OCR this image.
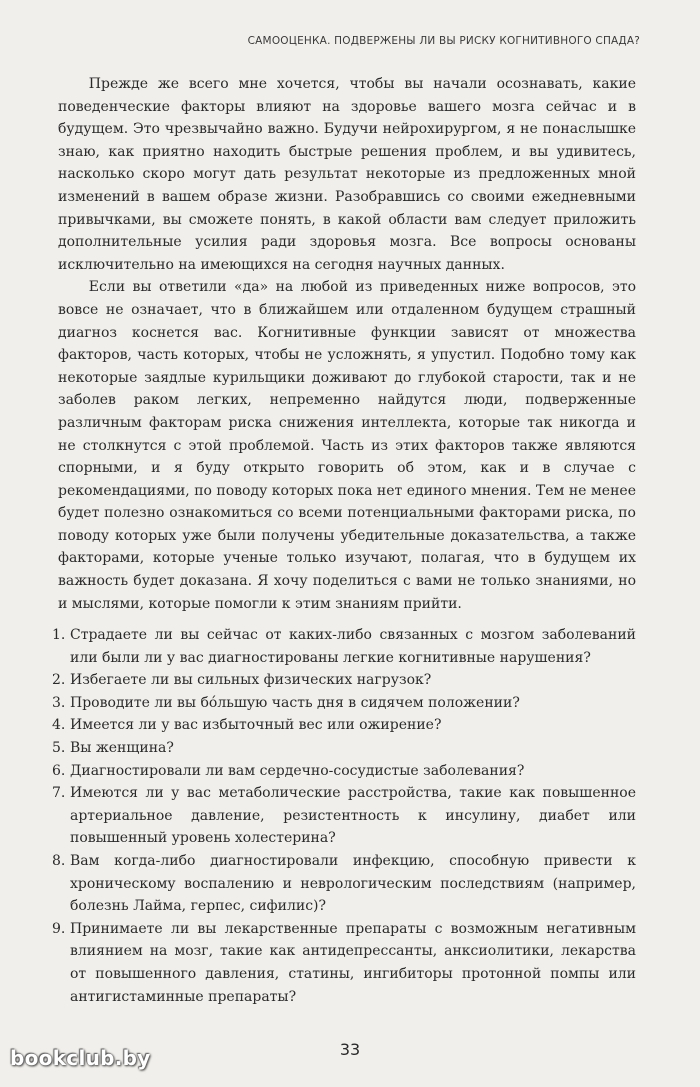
САМООЦЕНКА. ПОДВЕРЖЕНЫ ЛИ ВЫ РИСКУ КОГНИТИВНОГО СПАДА?

Прежде же всего мне хочется, чтобы вы начали осознавать, какие поведенческие факторы влияют на здоровье вашего мозга сейчас и в будущем. Это чрезвычайно важно. Будучи нейрохирургом, я не понаслышке знаю, как приятно находить быстрые решения проблем, и вы удивитесь, насколько скоро могут дать результат некоторые из предложенных мной изменений в вашем образе жизни. Разобравшись со своими ежедневными привычками, вы сможете понять, в какой области вам следует приложить дополнительные усилия ради здоровья мозга. Все вопросы основаны исключительно на имеющихся на сегодня научных данных.

Если вы ответили «да» на любой из приведенных ниже вопросов, это вовсе не означает, что в ближайшем или отдаленном будущем страшный диагноз коснется вас. Когнитивные функции зависят от множества факторов, часть которых, чтобы не усложнять, я упустил. Подобно тому как некоторые заядлые курильщики доживают до глубокой старости, так и не заболев раком легких, непременно найдутся люди, подверженные различным факторам риска снижения интеллекта, которые так никогда и не столкнутся с этой проблемой. Часть из этих факторов также являются спорными, и я буду открыто говорить об этом, как и в случае с рекомендациями, по поводу которых пока нет единого мнения. Тем не менее будет полезно ознакомиться со всеми потенциальными факторами риска, по поводу которых уже были получены убедительные доказательства, а также факторами, которые ученые только изучают, полагая, что в будущем их важность будет доказана. Я хочу поделиться с вами не только знаниями, но и мыслями, которые помогли к этим знаниям прийти.

1. Страдаете ли вы сейчас от каких-либо связанных с мозгом заболеваний или были ли у вас диагностированы легкие когнитивные нарушения?
2. Избегаете ли вы сильных физических нагрузок?
3. Проводите ли вы бóльшую часть дня в сидячем положении?
4. Имеется ли у вас избыточный вес или ожирение?
5. Вы женщина?
6. Диагностировали ли вам сердечно-сосудистые заболевания?
7. Имеются ли у вас метаболические расстройства, такие как повышенное артериальное давление, резистентность к инсулину, диабет или повышенный уровень холестерина?
8. Вам когда-либо диагностировали инфекцию, способную привести к хроническому воспалению и неврологическим последствиям (например, болезнь Лайма, герпес, сифилис)?
9. Принимаете ли вы лекарственные препараты с возможным негативным влиянием на мозг, такие как антидепрессанты, анксиолитики, лекарства от повышенного давления, статины, ингибиторы протонной помпы или антигистаминные препараты?
33
bookclub.by
